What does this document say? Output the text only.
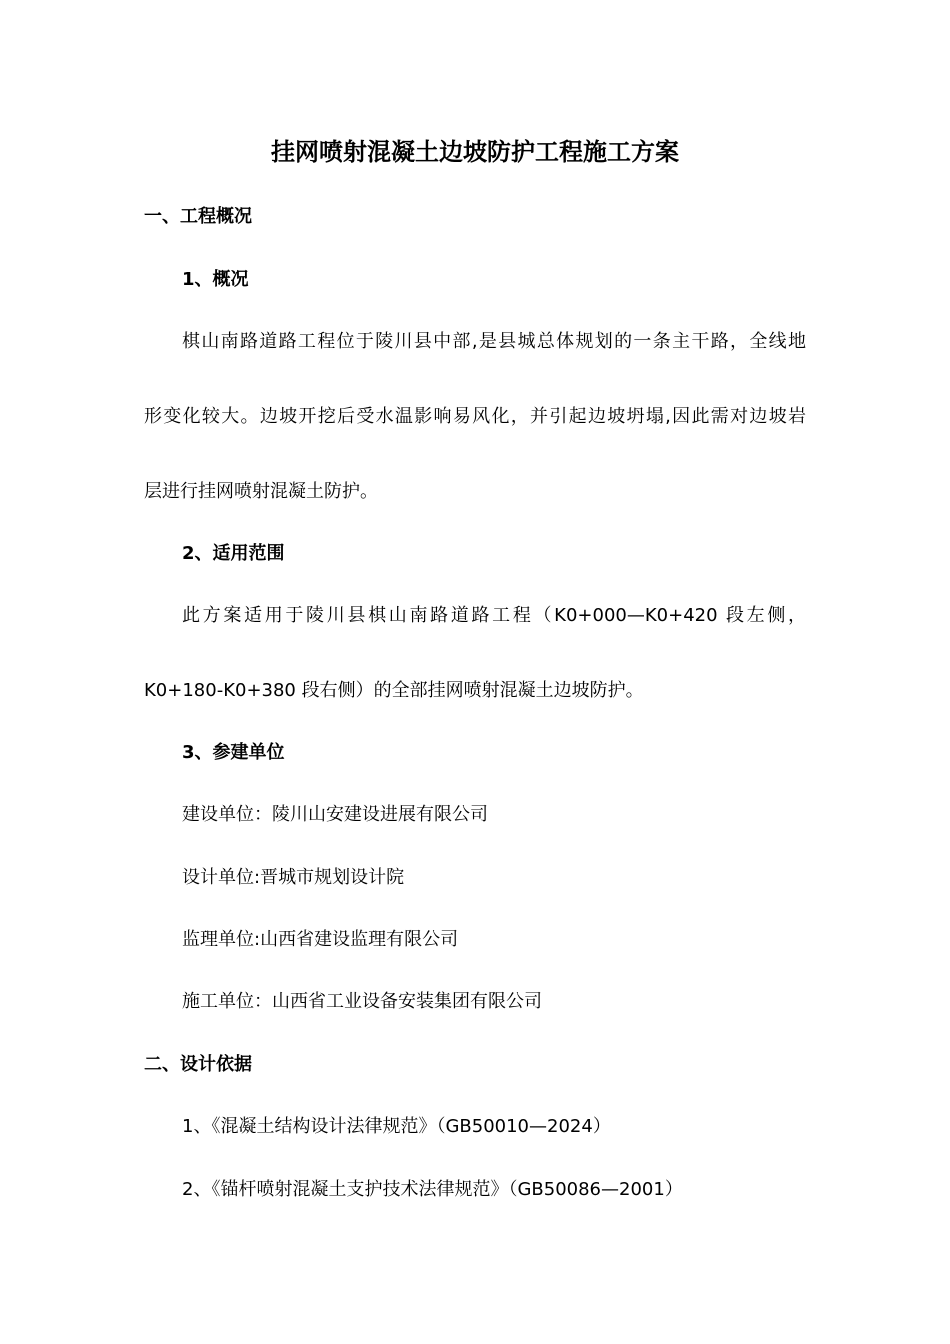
挂网喷射混凝土边坡防护工程施工方案
一、工程概况
1、概况
棋山南路道路工程位于陵川县中部,是县城总体规划的一条主干路，全线地
形变化较大。边坡开挖后受水温影响易风化，并引起边坡坍塌,因此需对边坡岩
层进行挂网喷射混凝土防护。
2、适用范围
此方案适用于陵川县棋山南路道路工程（K0+000—K0+420 段左侧，
K0+180-K0+380 段右侧）的全部挂网喷射混凝土边坡防护。
3、参建单位
建设单位：陵川山安建设进展有限公司
设计单位:晋城市规划设计院
监理单位:山西省建设监理有限公司
施工单位：山西省工业设备安装集团有限公司
二、设计依据
1、《混凝土结构设计法律规范》（GB50010—2024）
2、《锚杆喷射混凝土支护技术法律规范》（GB50086—2001）
